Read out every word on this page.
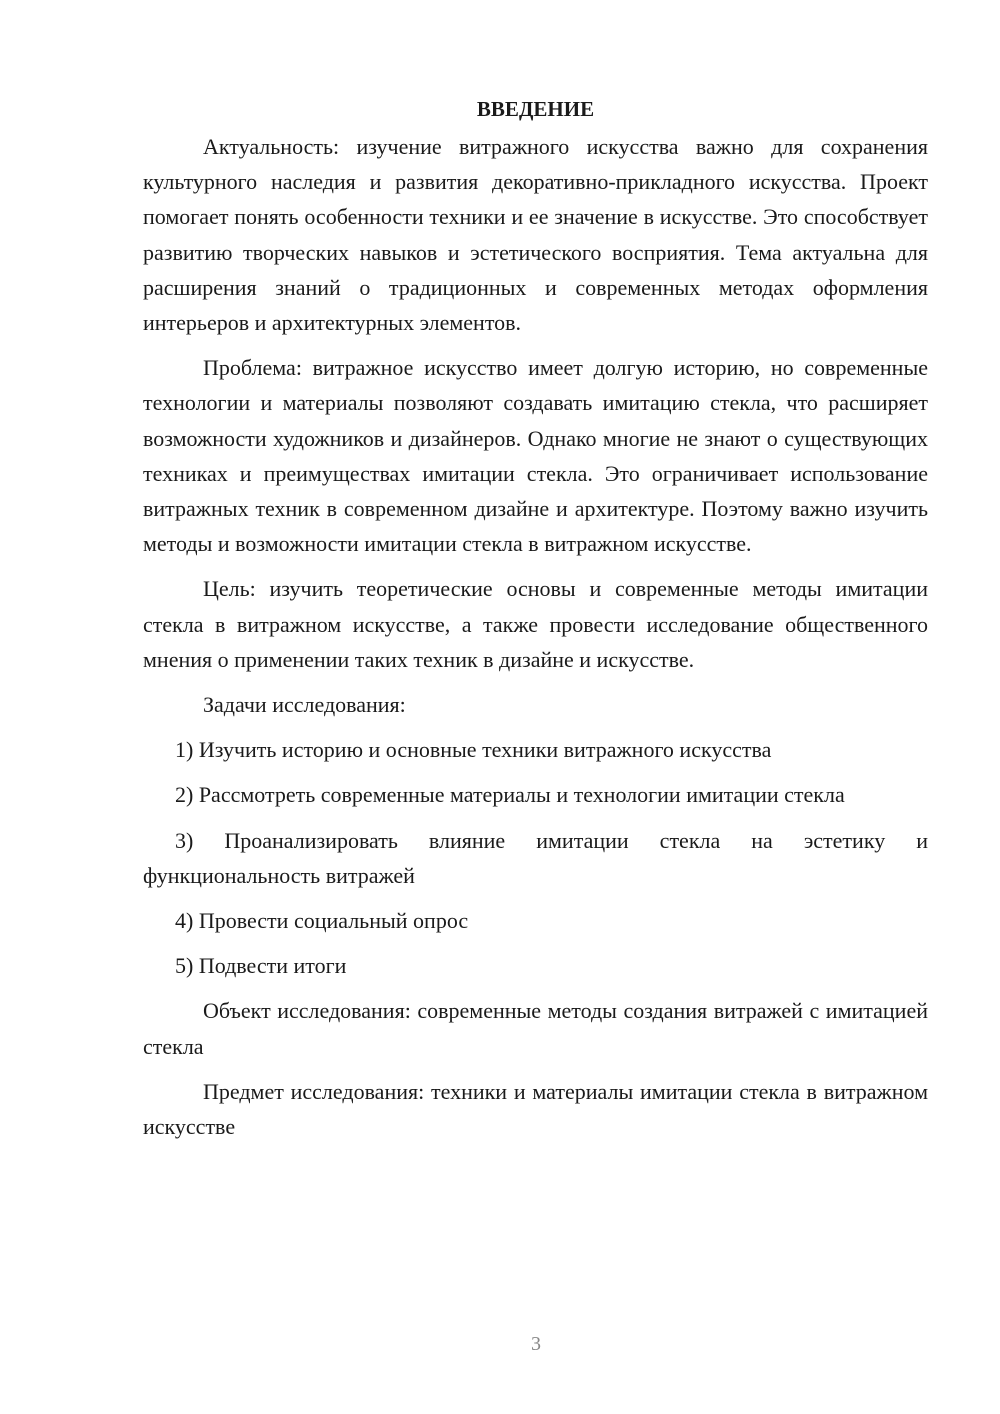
ВВЕДЕНИЕ

Актуальность: изучение витражного искусства важно для сохранения культурного наследия и развития декоративно-прикладного искусства. Проект помогает понять особенности техники и ее значение в искусстве. Это способствует развитию творческих навыков и эстетического восприятия. Тема актуальна для расширения знаний о традиционных и современных методах оформления интерьеров и архитектурных элементов.

Проблема: витражное искусство имеет долгую историю, но современные технологии и материалы позволяют создавать имитацию стекла, что расширяет возможности художников и дизайнеров. Однако многие не знают о существующих техниках и преимуществах имитации стекла. Это ограничивает использование витражных техник в современном дизайне и архитектуре. Поэтому важно изучить методы и возможности имитации стекла в витражном искусстве.

Цель: изучить теоретические основы и современные методы имитации стекла в витражном искусстве, а также провести исследование общественного мнения о применении таких техник в дизайне и искусстве.

Задачи исследования:

1) Изучить историю и основные техники витражного искусства

2) Рассмотреть современные материалы и технологии имитации стекла

3) Проанализировать влияние имитации стекла на эстетику и функциональность витражей

4) Провести социальный опрос

5) Подвести итоги

Объект исследования: современные методы создания витражей с имитацией стекла

Предмет исследования: техники и материалы имитации стекла в витражном искусстве

3
